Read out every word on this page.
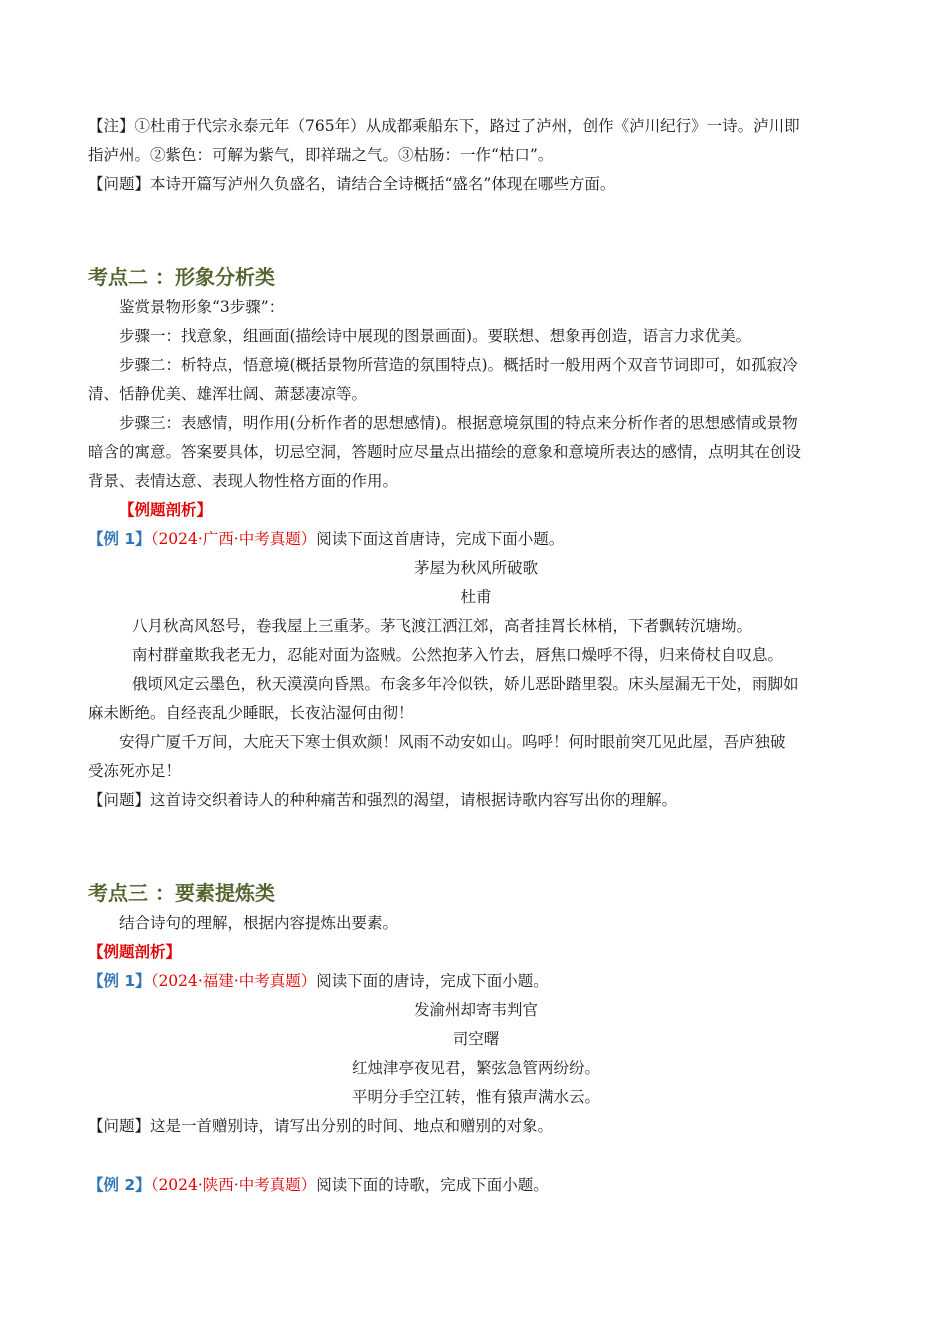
【注】①杜甫于代宗永泰元年（765年）从成都乘船东下，路过了泸州，创作《泸川纪行》一诗。泸川即

指泸州。②紫色：可解为紫气，即祥瑞之气。③枯肠：一作“枯口”。

【问题】本诗开篇写泸州久负盛名，请结合全诗概括“盛名”体现在哪些方面。

考点二 ：形象分析类

鉴赏景物形象“3步骤”：

步骤一：找意象，组画面(描绘诗中展现的图景画面)。要联想、想象再创造，语言力求优美。

步骤二：析特点，悟意境(概括景物所营造的氛围特点)。概括时一般用两个双音节词即可，如孤寂冷

清、恬静优美、雄浑壮阔、萧瑟凄凉等。

步骤三：表感情，明作用(分析作者的思想感情)。根据意境氛围的特点来分析作者的思想感情或景物

暗含的寓意。答案要具体，切忌空洞，答题时应尽量点出描绘的意象和意境所表达的感情，点明其在创设

背景、表情达意、表现人物性格方面的作用。

【例题剖析】

【例 1】（2024·广西·中考真题）阅读下面这首唐诗，完成下面小题。

茅屋为秋风所破歌

杜甫

八月秋高风怒号，卷我屋上三重茅。茅飞渡江洒江郊，高者挂罥长林梢，下者飘转沉塘坳。

南村群童欺我老无力，忍能对面为盗贼。公然抱茅入竹去，唇焦口燥呼不得，归来倚杖自叹息。

俄顷风定云墨色，秋天漠漠向昏黑。布衾多年冷似铁，娇儿恶卧踏里裂。床头屋漏无干处，雨脚如

麻未断绝。自经丧乱少睡眠，长夜沾湿何由彻！

安得广厦千万间，大庇天下寒士俱欢颜！风雨不动安如山。呜呼！何时眼前突兀见此屋，吾庐独破

受冻死亦足！

【问题】这首诗交织着诗人的种种痛苦和强烈的渴望，请根据诗歌内容写出你的理解。

考点三 ：要素提炼类

结合诗句的理解，根据内容提炼出要素。

【例题剖析】

【例 1】（2024·福建·中考真题）阅读下面的唐诗，完成下面小题。

发渝州却寄韦判官

司空曙

红烛津亭夜见君，繁弦急管两纷纷。

平明分手空江转，惟有猿声满水云。

【问题】这是一首赠别诗，请写出分别的时间、地点和赠别的对象。

【例 2】（2024·陕西·中考真题）阅读下面的诗歌，完成下面小题。
